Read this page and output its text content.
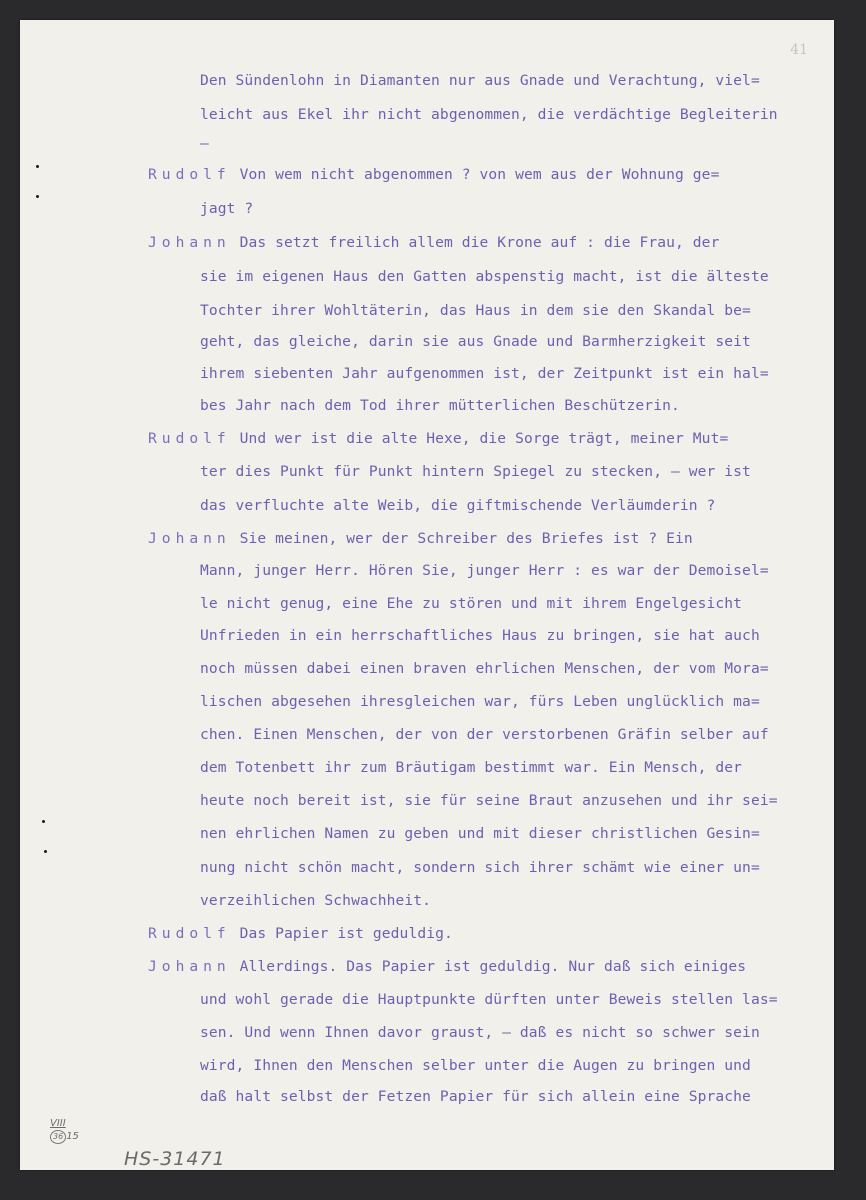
41
Den Sündenlohn in Diamanten nur aus Gnade und Verachtung, viel=
leicht aus Ekel ihr nicht abgenommen, die verdächtige Begleiterin
–
Rudolf Von wem nicht abgenommen ? von wem aus der Wohnung ge=
jagt ?
Johann Das setzt freilich allem die Krone auf : die Frau, der
sie im eigenen Haus den Gatten abspenstig macht, ist die älteste
Tochter ihrer Wohltäterin, das Haus in dem sie den Skandal be=
geht, das gleiche, darin sie aus Gnade und Barmherzigkeit seit
ihrem siebenten Jahr aufgenommen ist, der Zeitpunkt ist ein hal=
bes Jahr nach dem Tod ihrer mütterlichen Beschützerin.
Rudolf Und wer ist die alte Hexe, die Sorge trägt, meiner Mut=
ter dies Punkt für Punkt hintern Spiegel zu stecken, – wer ist
das verfluchte alte Weib, die giftmischende Verläumderin ?
Johann Sie meinen, wer der Schreiber des Briefes ist ? Ein
Mann, junger Herr. Hören Sie, junger Herr : es war der Demoisel=
le nicht genug, eine Ehe zu stören und mit ihrem Engelgesicht
Unfrieden in ein herrschaftliches Haus zu bringen, sie hat auch
noch müssen dabei einen braven ehrlichen Menschen, der vom Mora=
lischen abgesehen ihresgleichen war, fürs Leben unglücklich ma=
chen. Einen Menschen, der von der verstorbenen Gräfin selber auf
dem Totenbett ihr zum Bräutigam bestimmt war. Ein Mensch, der
heute noch bereit ist, sie für seine Braut anzusehen und ihr sei=
nen ehrlichen Namen zu geben und mit dieser christlichen Gesin=
nung nicht schön macht, sondern sich ihrer schämt wie einer un=
verzeihlichen Schwachheit.
Rudolf Das Papier ist geduldig.
Johann Allerdings. Das Papier ist geduldig. Nur daß sich einiges
und wohl gerade die Hauptpunkte dürften unter Beweis stellen las=
sen. Und wenn Ihnen davor graust, – daß es nicht so schwer sein
wird, Ihnen den Menschen selber unter die Augen zu bringen und
daß halt selbst der Fetzen Papier für sich allein eine Sprache
VIII
36 15
HS-31471
